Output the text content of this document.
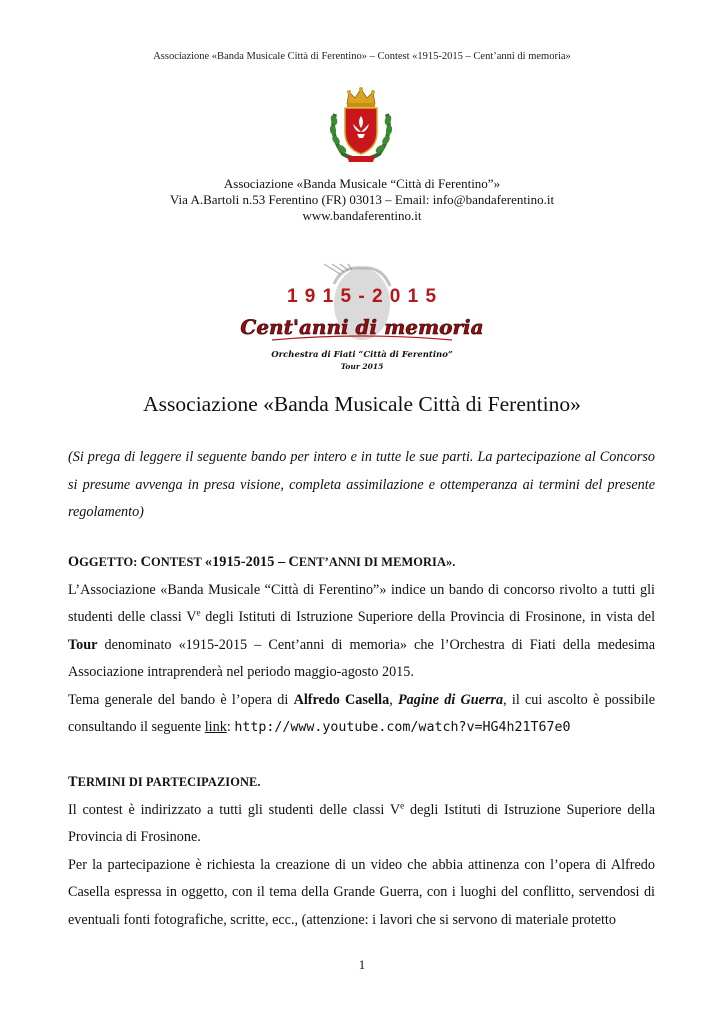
Associazione «Banda Musicale Città di Ferentino» – Contest «1915-2015 – Cent’anni di memoria»
Associazione «Banda Musicale “Città di Ferentino”»
Via A.Bartoli n.53 Ferentino (FR) 03013 – Email: info@bandaferentino.it
www.bandaferentino.it
1 9 1 5 - 2 0 1 5
Cent'anni di memoria
Orchestra di Fiati “Città di Ferentino”
Tour 2015
Associazione «Banda Musicale Città di Ferentino»
(Si prega di leggere il seguente bando per intero e in tutte le sue parti. La partecipazione al Concorso si presume avvenga in presa visione, completa assimilazione e ottemperanza ai termini del presente regolamento)
OGGETTO: CONTEST «1915-2015 – CENT’ANNI DI MEMORIA».
L’Associazione «Banda Musicale “Città di Ferentino”» indice un bando di concorso rivolto a tutti gli studenti delle classi Ve degli Istituti di Istruzione Superiore della Provincia di Frosinone, in vista del Tour denominato «1915-2015 – Cent’anni di memoria» che l’Orchestra di Fiati della medesima Associazione intraprenderà nel periodo maggio-agosto 2015.
Tema generale del bando è l’opera di Alfredo Casella, Pagine di Guerra, il cui ascolto è possibile consultando il seguente link: http://www.youtube.com/watch?v=HG4h21T67e0
TERMINI DI PARTECIPAZIONE.
Il contest è indirizzato a tutti gli studenti delle classi Ve degli Istituti di Istruzione Superiore della Provincia di Frosinone.
Per la partecipazione è richiesta la creazione di un video che abbia attinenza con l’opera di Alfredo Casella espressa in oggetto, con il tema della Grande Guerra, con i luoghi del conflitto, servendosi di eventuali fonti fotografiche, scritte, ecc., (attenzione: i lavori che si servono di materiale protetto
1
